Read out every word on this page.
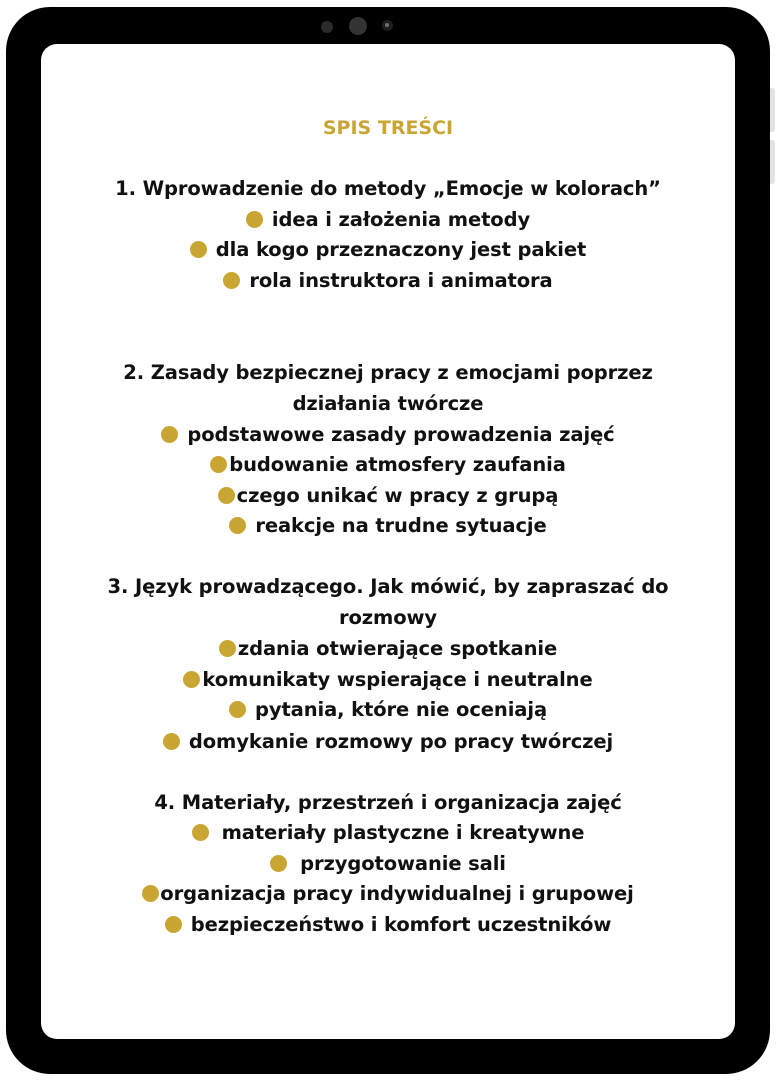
SPIS TREŚCI
1. Wprowadzenie do metody „Emocje w kolorach”
idea i założenia metody
dla kogo przeznaczony jest pakiet
rola instruktora i animatora
2. Zasady bezpiecznej pracy z emocjami poprzez
działania twórcze
podstawowe zasady prowadzenia zajęć
budowanie atmosfery zaufania
czego unikać w pracy z grupą
reakcje na trudne sytuacje
3. Język prowadzącego. Jak mówić, by zapraszać do
rozmowy
zdania otwierające spotkanie
komunikaty wspierające i neutralne
pytania, które nie oceniają
domykanie rozmowy po pracy twórczej
4. Materiały, przestrzeń i organizacja zajęć
materiały plastyczne i kreatywne
przygotowanie sali
organizacja pracy indywidualnej i grupowej
bezpieczeństwo i komfort uczestników
